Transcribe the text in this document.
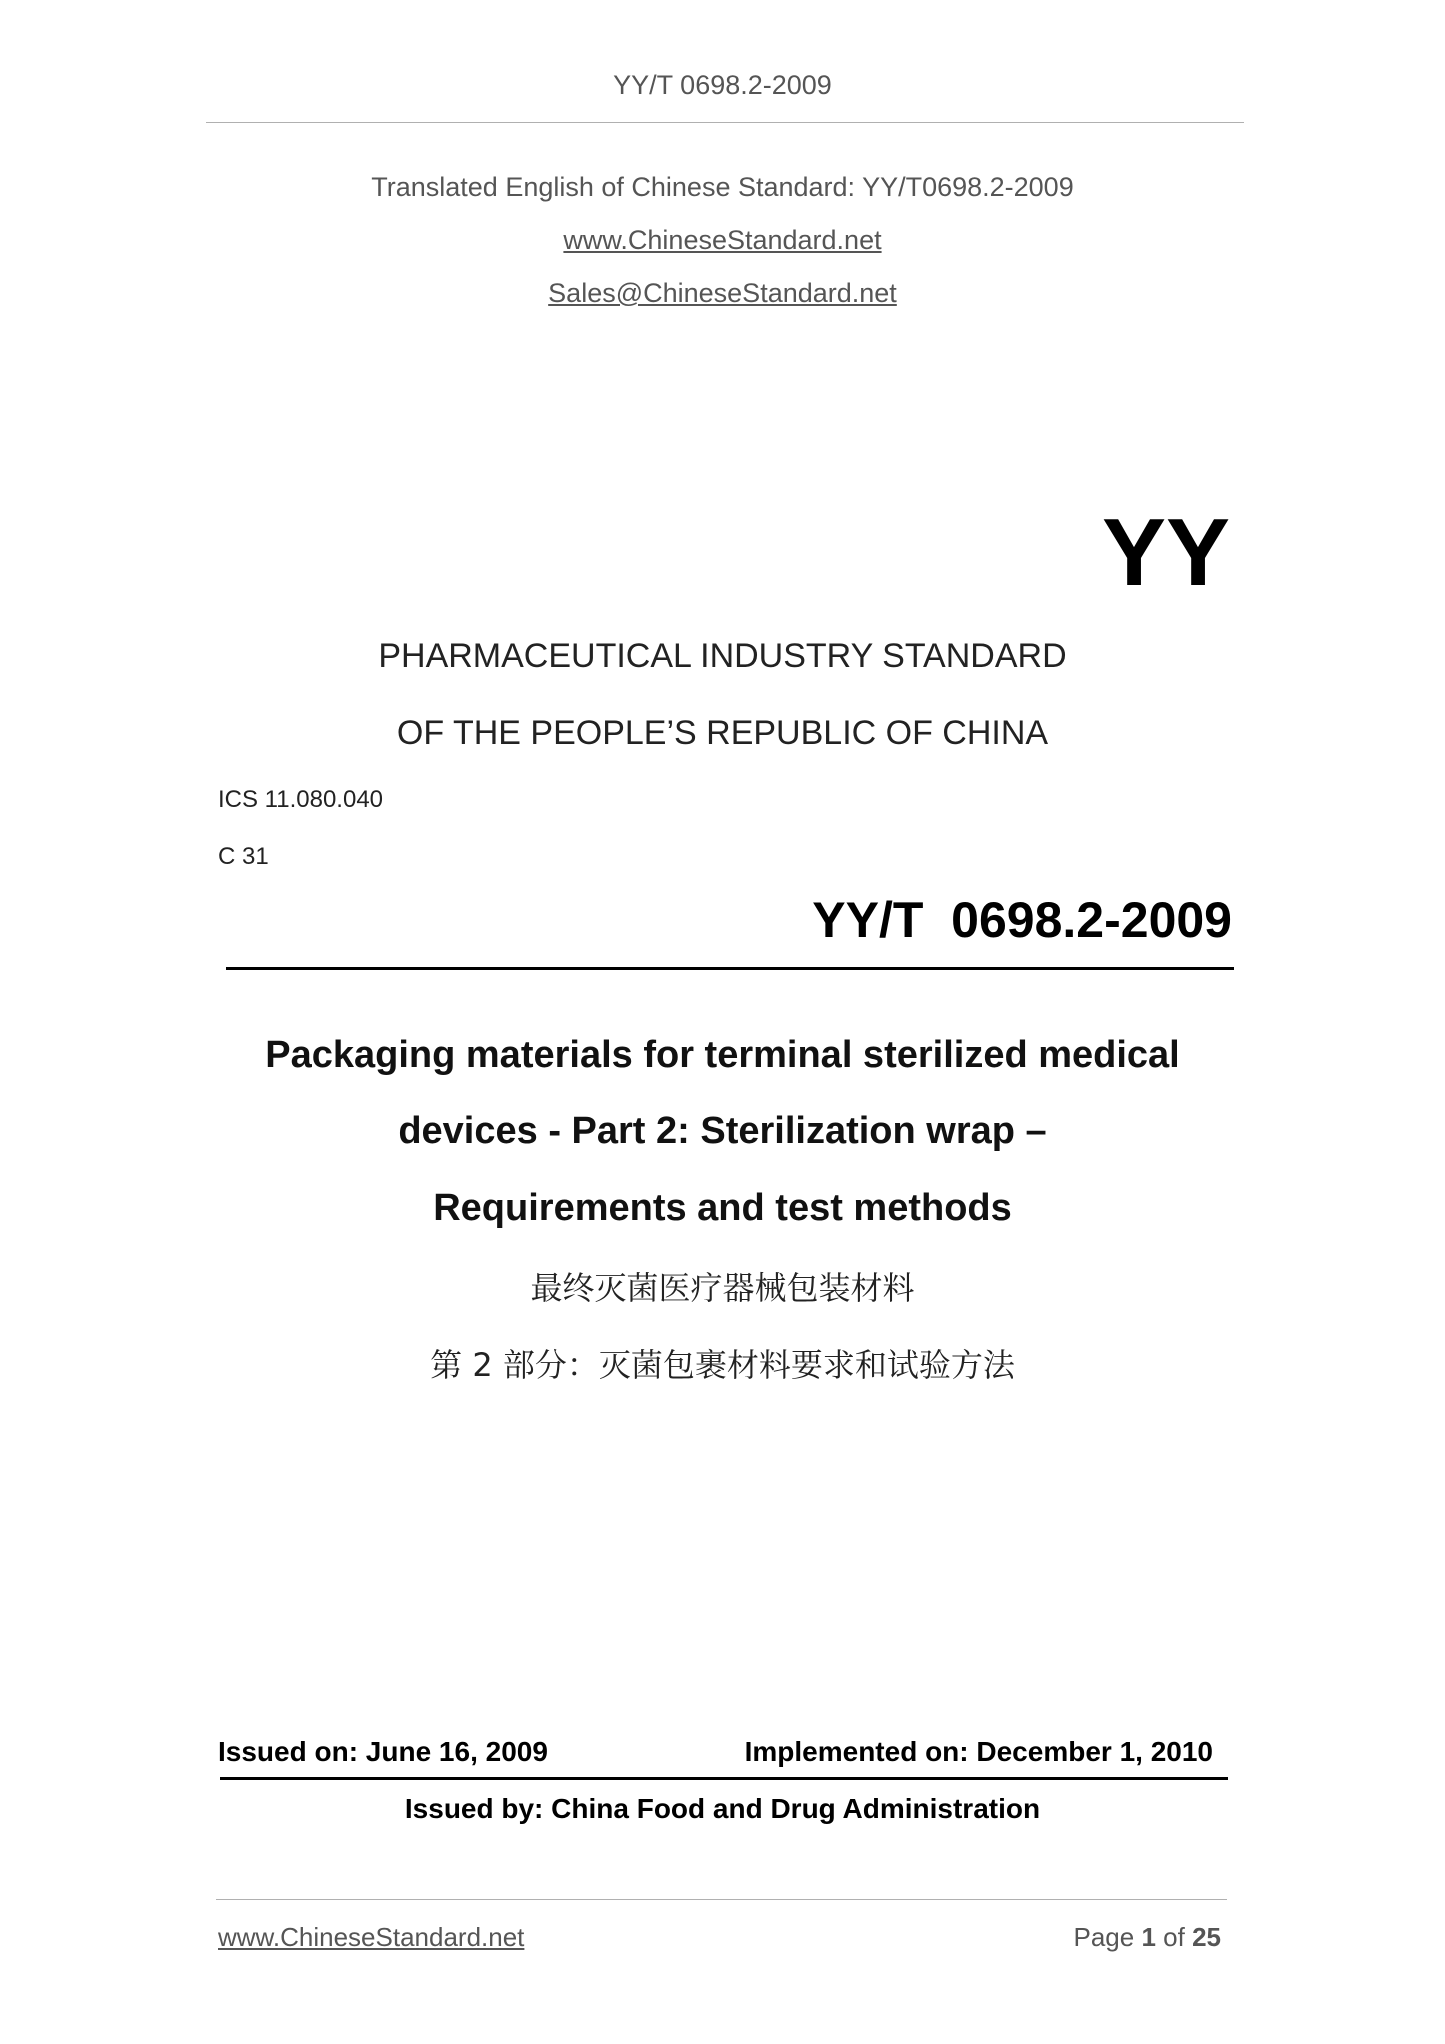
YY/T 0698.2-2009
Translated English of Chinese Standard: YY/T0698.2-2009
www.ChineseStandard.net
Sales@ChineseStandard.net
YY
PHARMACEUTICAL INDUSTRY STANDARD
OF THE PEOPLE’S REPUBLIC OF CHINA
ICS 11.080.040
C 31
YY/T  0698.2-2009
Packaging materials for terminal sterilized medical
devices - Part 2: Sterilization wrap –
Requirements and test methods
最终灭菌医疗器械包装材料
第 2 部分：灭菌包裹材料要求和试验方法
Issued on: June 16, 2009	Implemented on: December 1, 2010
Issued by: China Food and Drug Administration
www.ChineseStandard.net	Page 1 of 25
